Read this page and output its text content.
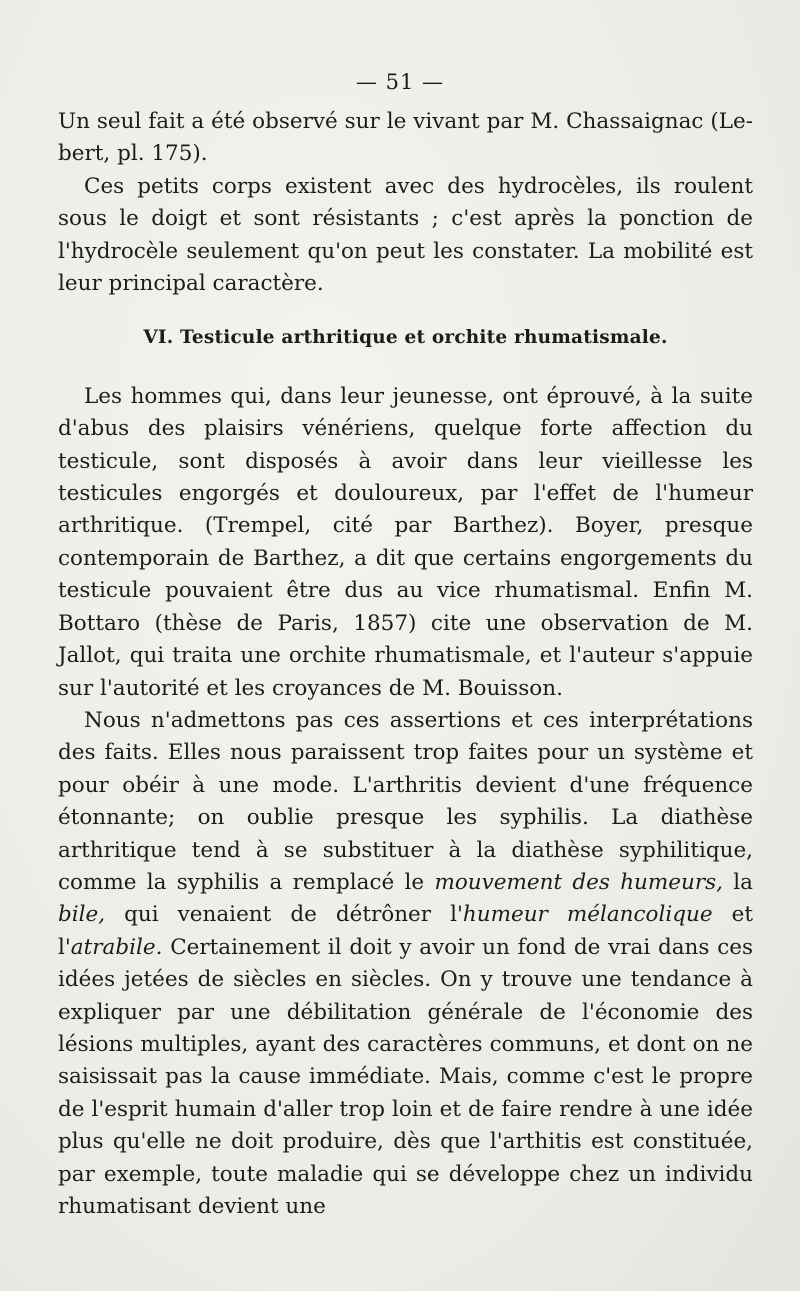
— 51 —

Un seul fait a été observé sur le vivant par M. Chassaignac (Le-bert, pl. 175).

Ces petits corps existent avec des hydrocèles, ils roulent sous le doigt et sont résistants ; c'est après la ponction de l'hydrocèle seulement qu'on peut les constater. La mobilité est leur principal caractère.

VI. Testicule arthritique et orchite rhumatismale.

Les hommes qui, dans leur jeunesse, ont éprouvé, à la suite d'abus des plaisirs vénériens, quelque forte affection du testicule, sont disposés à avoir dans leur vieillesse les testicules engorgés et douloureux, par l'effet de l'humeur arthritique. (Trempel, cité par Barthez). Boyer, presque contemporain de Barthez, a dit que certains engorgements du testicule pouvaient être dus au vice rhumatismal. Enfin M. Bottaro (thèse de Paris, 1857) cite une observation de M. Jallot, qui traita une orchite rhumatismale, et l'auteur s'appuie sur l'autorité et les croyances de M. Bouisson.

Nous n'admettons pas ces assertions et ces interprétations des faits. Elles nous paraissent trop faites pour un système et pour obéir à une mode. L'arthritis devient d'une fréquence étonnante; on oublie presque les syphilis. La diathèse arthritique tend à se substituer à la diathèse syphilitique, comme la syphilis a remplacé le mouvement des humeurs, la bile, qui venaient de détrôner l'humeur mélancolique et l'atrabile. Certainement il doit y avoir un fond de vrai dans ces idées jetées de siècles en siècles. On y trouve une tendance à expliquer par une débilitation générale de l'économie des lésions multiples, ayant des caractères communs, et dont on ne saisissait pas la cause immédiate. Mais, comme c'est le propre de l'esprit humain d'aller trop loin et de faire rendre à une idée plus qu'elle ne doit produire, dès que l'arthitis est constituée, par exemple, toute maladie qui se développe chez un individu rhumatisant devient une
